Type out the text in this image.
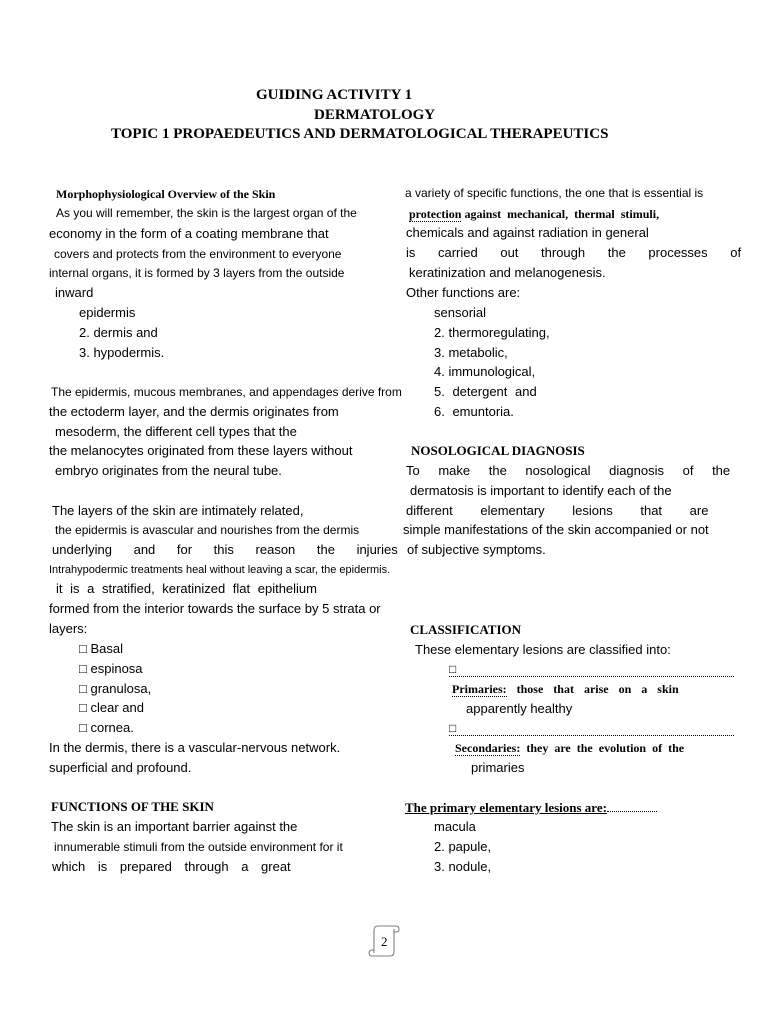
GUIDING ACTIVITY 1
DERMATOLOGY
TOPIC 1 PROPAEDEUTICS AND DERMATOLOGICAL THERAPEUTICS
Morphophysiological Overview of the Skin
As you will remember, the skin is the largest organ of the
economy in the form of a coating membrane that
covers and protects from the environment to everyone
internal organs, it is formed by 3 layers from the outside
inward
epidermis
2. dermis and
3. hypodermis.
The epidermis, mucous membranes, and appendages derive from
the ectoderm layer, and the dermis originates from
mesoderm, the different cell types that the
the melanocytes originated from these layers without
embryo originates from the neural tube.
The layers of the skin are intimately related,
the epidermis is avascular and nourishes from the dermis
underlying and for this reason the injuries
Intrahypodermic treatments heal without leaving a scar, the epidermis.
it is a stratified, keratinized flat epithelium
formed from the interior towards the surface by 5 strata or
layers:
□ Basal
□ espinosa
□ granulosa,
□ clear and
□ cornea.
In the dermis, there is a vascular-nervous network.
superficial and profound.
FUNCTIONS OF THE SKIN
The skin is an important barrier against the
innumerable stimuli from the outside environment for it
which is prepared through a great
a variety of specific functions, the one that is essential is
protection against mechanical, thermal stimuli,
chemicals and against radiation in general
is carried out through the processes of
keratinization and melanogenesis.
Other functions are:
sensorial
2. thermoregulating,
3. metabolic,
4. immunological,
5. detergent and
6. emuntoria.
NOSOLOGICAL DIAGNOSIS
To make the nosological diagnosis of the
dermatosis is important to identify each of the
different elementary lesions that are
simple manifestations of the skin accompanied or not
of subjective symptoms.
CLASSIFICATION
These elementary lesions are classified into:
□
Primaries: those that arise on a skin
apparently healthy
□
Secondaries: they are the evolution of the
primaries
The primary elementary lesions are:
macula
2. papule,
3. nodule,
2
